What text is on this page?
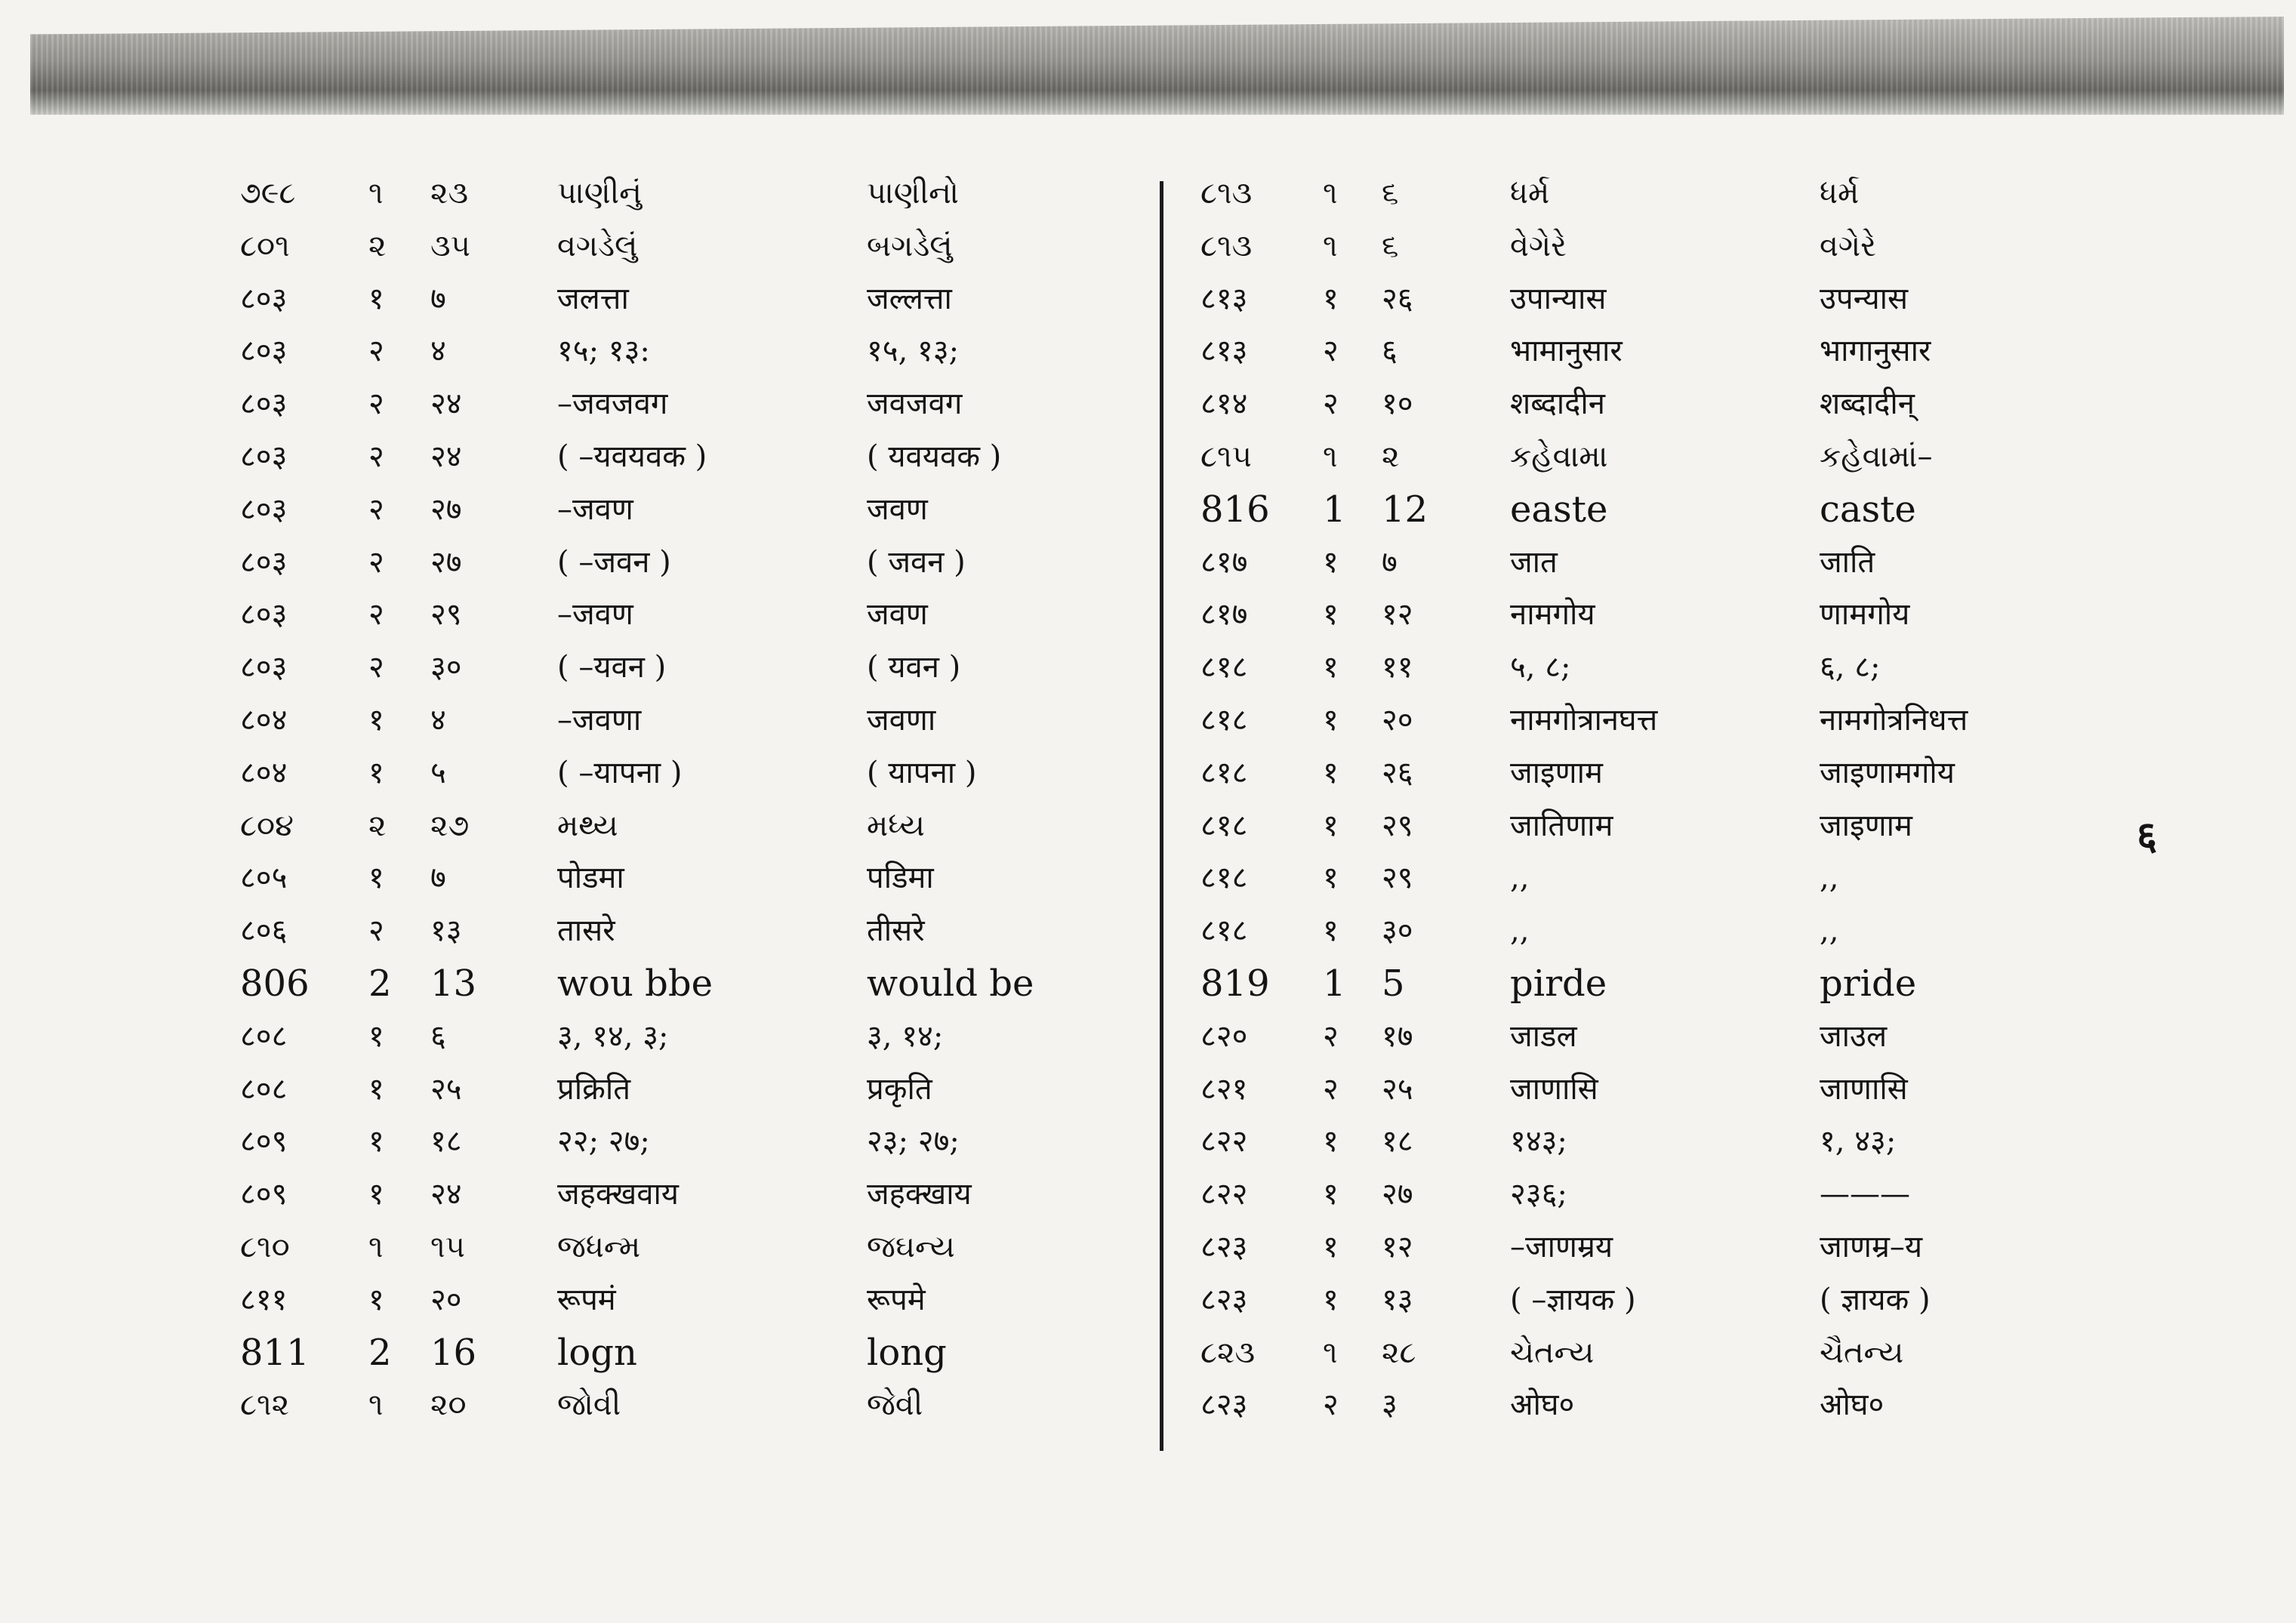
૭૯૮ ૧ ૨૩	પાણીનું	પાણીનો
૮૦૧	૨ ૩૫	વગડેલું	બગડેલું
८०३	१ ७	जलत्ता	जल्लत्ता
८०३	२ ४	१५; १३:	१५, १३;
८०३	२ २४	–जवजवग	जवजवग
८०३	२ २४	( –यवयवक )	( यवयवक )
८०३	२ २७	–जवण	जवण
८०३	२ २७	( –जवन )	( जवन )
८०३	२ २९	–जवण	जवण
८०३	२ ३०	( –यवन )	( यवन )
८०४	१ ४	–जवणा	जवणा
८०४	१ ५	( –यापना )	( यापना )
૮૦૪ ૨ ૨૭	મથ્ય	મધ્ય
८०५	१ ७	पोडमा	पडिमा
८०६	२ १३	तासरे	तीसरे
806 2 13 wou bbe	would be
८०८	१ ६	३, १४, ३;	३, १४;
८०८	१ २५	प्रक्रिति	प्रकृति
८०९	१ १८	२२; २७;	२३; २७;
८०९	१ २४	जहक्खवाय	जहक्खाय
૮૧૦	૧ ૧૫	જધન્મ	જઘન્ય
८११	१ २०	रूपमं	रूपमे
811 2 16 logn	long
૮૧૨	૧ ૨૦	જોવી	જેવી
૮૧૩ ૧ ૬	ધર્મ	ધર્મ
૮૧૩ ૧ ૬	વેગેરે	વગેરે
८१३ १ २६	उपान्यास	उपन्यास
८१३ २ ६	भामानुसार	भागानुसार
८१४ २ १०	शब्दादीन	शब्दादीन्
૮૧૫ ૧ ૨	કહેવામા	કહેવામાં–
816 1 12 easte	caste
८१७ १ ७	जात	जाति
८१७ १ १२	नामगोय	णामगोय
८१८ १ ११	५, ८;	६, ८;
८१८ १ २०	नामगोत्रानघत्त	नामगोत्रनिधत्त
८१८ १ २६	जाइणाम	जाइणामगोय
८१८ १ २९	जातिणाम	जाइणाम
८१८ १ २९	,,	,,
८१८ १ ३०	,,	,,
819 1 5	pirde	pride
८२० २ १७	जाडल	जाउल
८२१ २ २५	जाणासि	जाणासि
८२२ १ १८	१४३;	१, ४३;
८२२ १ २७	२३६;	———
८२३ १ १२	–जाणम्रय	जाणम्र–य
८२३ १ १३	( –ज्ञायक )	( ज्ञायक )
૮૨૩ ૧ ૨૮	ચેતન્ય	ચૈતન્ય
८२३ २ ३	ओघ०	ओघ०
६
